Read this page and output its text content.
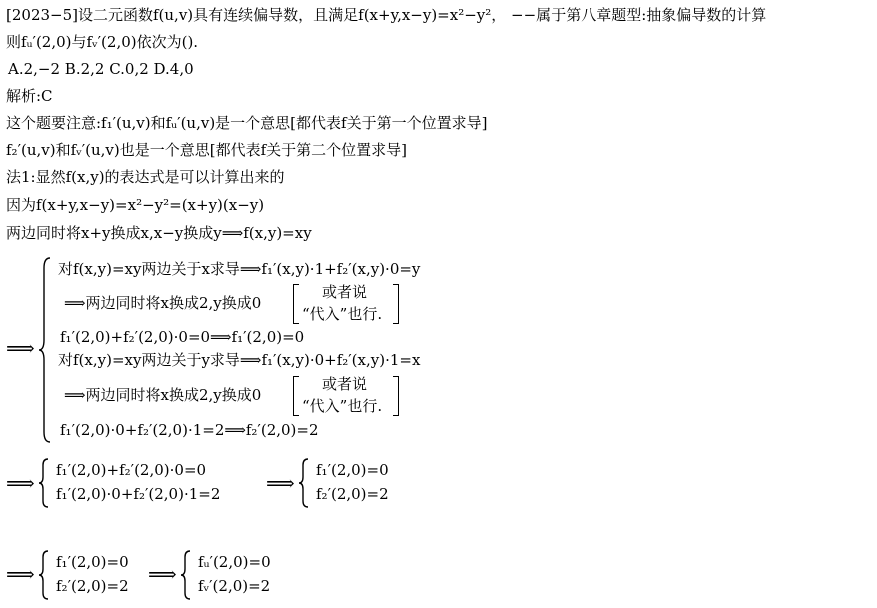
[2023−5]设二元函数f(u,v)具有连续偏导数，且满足f(x+y,x−y)=x²−y²， −−属于第八章题型:抽象偏导数的计算
则fᵤ′(2,0)与fᵥ′(2,0)依次为().
A.2,−2 B.2,2 C.0,2 D.4,0
解析:C
这个题要注意:f₁′(u,v)和fᵤ′(u,v)是一个意思[都代表f关于第一个位置求导]
f₂′(u,v)和fᵥ′(u,v)也是一个意思[都代表f关于第二个位置求导]
法1:显然f(x,y)的表达式是可以计算出来的
因为f(x+y,x−y)=x²−y²=(x+y)(x−y)
两边同时将x+y换成x,x−y换成y⟹f(x,y)=xy
⟹
对f(x,y)=xy两边关于x求导⟹f₁′(x,y)·1+f₂′(x,y)·0=y
⟹两边同时将x换成2,y换成0
或者说
“代入”也行.
f₁′(2,0)+f₂′(2,0)·0=0⟹f₁′(2,0)=0
对f(x,y)=xy两边关于y求导⟹f₁′(x,y)·0+f₂′(x,y)·1=x
⟹两边同时将x换成2,y换成0
或者说
“代入”也行.
f₁′(2,0)·0+f₂′(2,0)·1=2⟹f₂′(2,0)=2
⟹
f₁′(2,0)+f₂′(2,0)·0=0
f₁′(2,0)·0+f₂′(2,0)·1=2 ⟹
f₁′(2,0)=0
f₂′(2,0)=2
⟹ f₁′(2,0)=0
f₂′(2,0)=2 ⟹ fᵤ′(2,0)=0
fᵥ′(2,0)=2
